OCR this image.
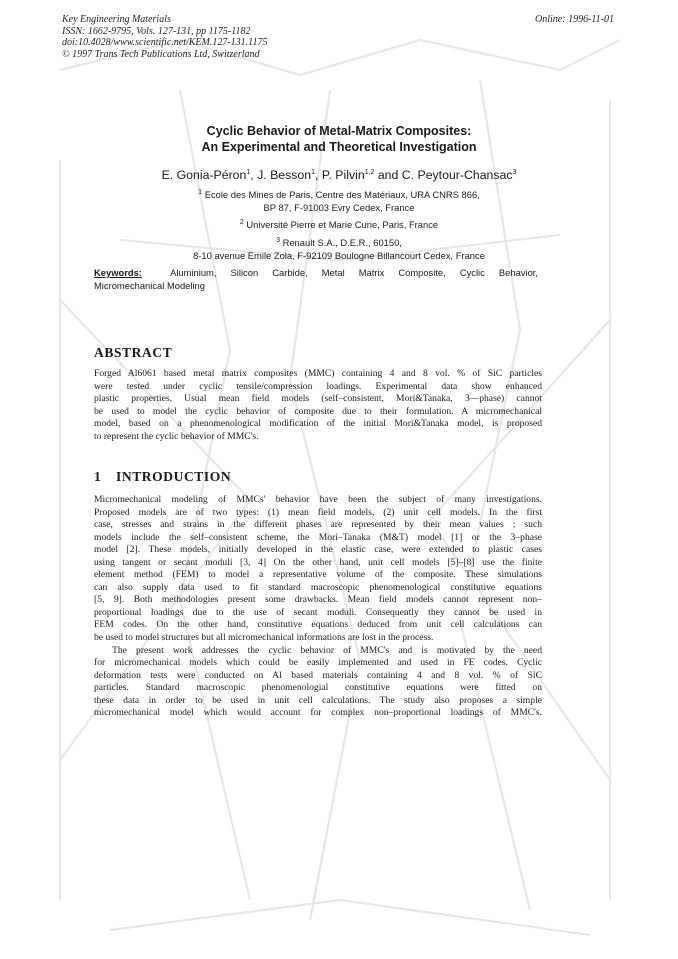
Key Engineering Materials
ISSN: 1662-9795, Vols. 127-131, pp 1175-1182
doi:10.4028/www.scientific.net/KEM.127-131.1175
© 1997 Trans Tech Publications Ltd, Switzerland
Online: 1996-11-01
Cyclic Behavior of Metal-Matrix Composites:
An Experimental and Theoretical Investigation
E. Gonia-Péron$^1$, J. Besson$^1$, P. Pilvin$^{1,2}$ and C. Peytour-Chansac$^3$
$^1$ Ecole des Mines de Paris, Centre des Matériaux, URA CNRS 866,
BP 87, F-91003 Evry Cedex, France
$^2$ Université Pierre et Marie Curie, Paris, France
$^3$ Renault S.A., D.E.R., 60150,
8-10 avenue Emile Zola, F-92109 Boulogne Billancourt Cedex, France
Keywords:	Aluminium, Silicon Carbide, Metal Matrix Composite, Cyclic Behavior,
Micromechanical Modeling
ABSTRACT
Forged Al6061 based metal matrix composites (MMC) containing 4 and 8 vol. % of SiC particles
were tested under cyclic tensile/compression loadings. Experimental data show enhanced
plastic properties. Usual mean field models (self–consistent, Mori&Tanaka, 3—phase) cannot
be used to model the cyclic behavior of composite due to their formulation. A micromechanical
model, based on a phenomenological modification of the initial Mori&Tanaka model, is proposed
to represent the cyclic behavior of MMC's.
1 INTRODUCTION
Micromechanical modeling of MMCs' behavior have been the subject of many investigations.
Proposed models are of two types: (1) mean field models, (2) unit cell models. In the first
case, stresses and strains in the different phases are represented by their mean values ; such
models include the self–consistent scheme, the Mori–Tanaka (M&T) model [1] or the 3–phase
model [2]. These models, initially developed in the elastic case, were extended to plastic cases
using tangent or secant moduli [3, 4] On the other hand, unit cell models [5]–[8] use the finite
element method (FEM) to model a representative volume of the composite. These simulations
can also supply data used to fit standard macroscopic phenomenological constitutive equations
[5, 9]. Both methodologies present some drawbacks. Mean field models cannot represent non–
proportional loadings due to the use of secant moduli. Consequently they cannot be used in
FEM codes. On the other hand, constitutive equations deduced from unit cell calculations can
be used to model structures but all micromechanical informations are lost in the process.
The present work addresses the cyclic behavior of MMC's and is motivated by the need
for micromechanical models which could be easily implemented and used in FE codes. Cyclic
deformation tests were conducted on Al based materials containing 4 and 8 vol. % of SiC
particles. Standard macroscopic phenomenologial constitutive equations were fitted on
these data in order to be used in unit cell calculations. The study also proposes a simple
micromechanical model which would account for complex non–proportional loadings of MMC's.
